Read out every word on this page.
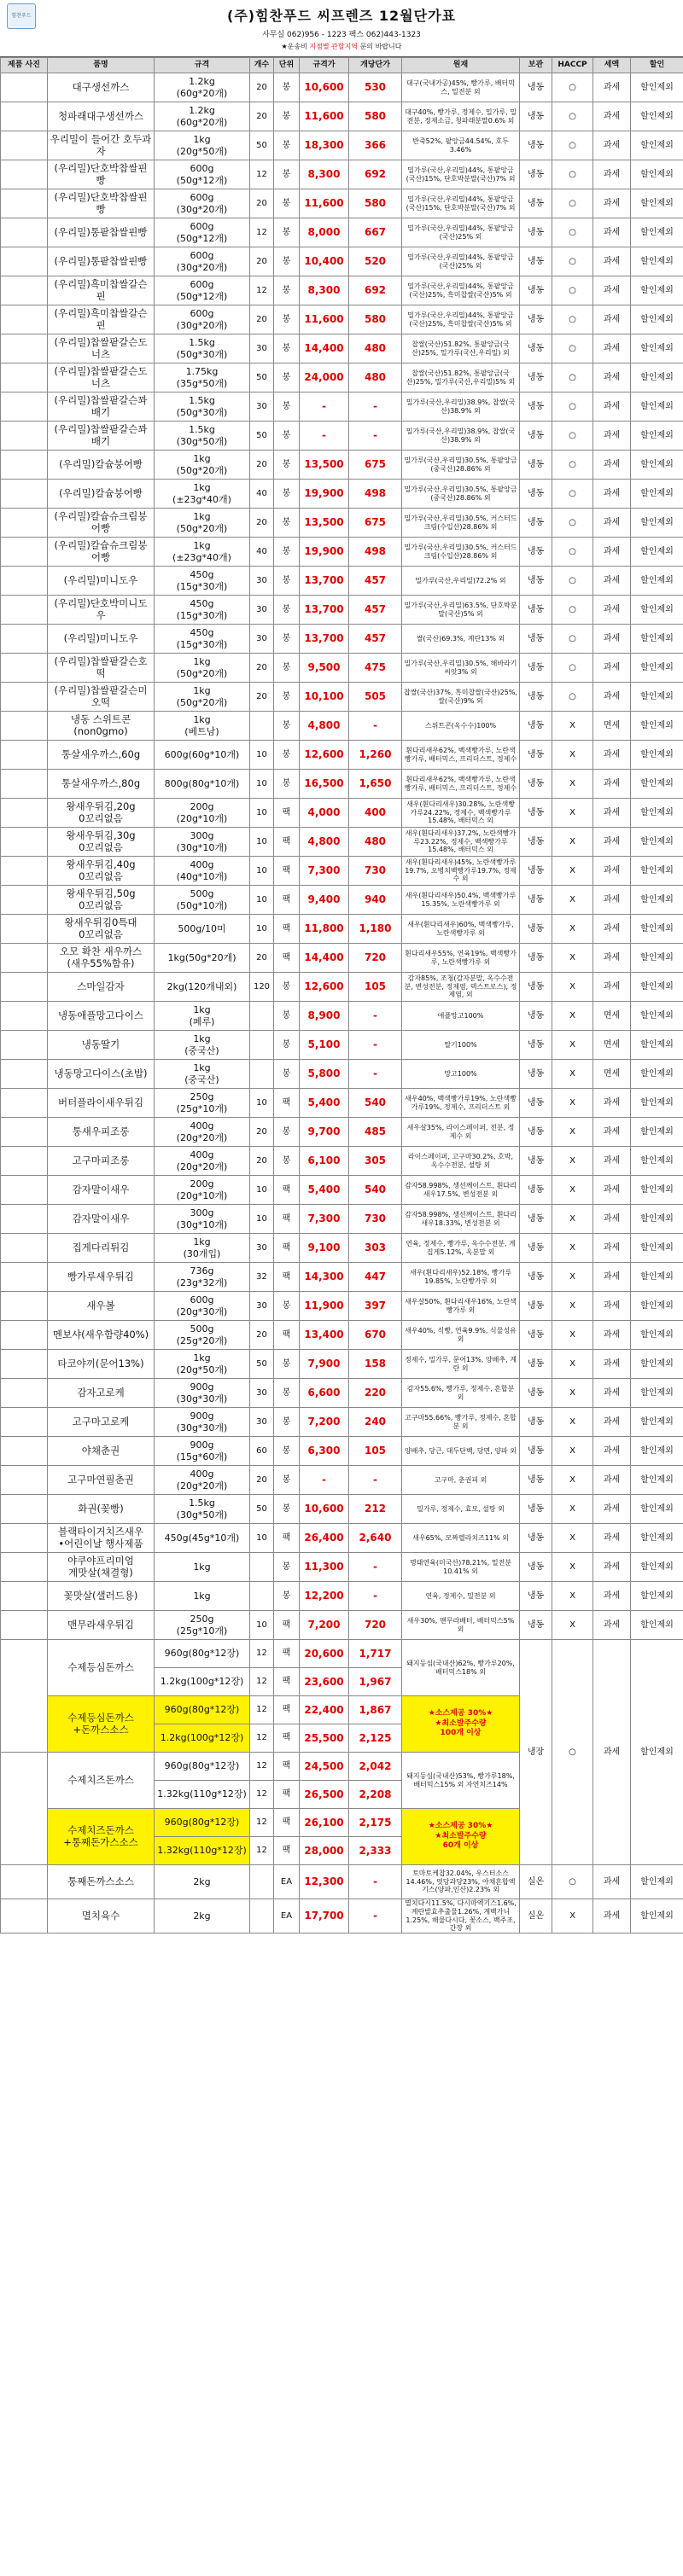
힘찬푸드	(주)힘찬푸드 씨프렌즈 12월단가표
사무실 062)956 - 1223 팩스 062)443-1323
★운송비 지점별 관할지역 문의 바랍니다
제품 사진	품명	규격	개수	단위	규격가	개당단가	원재	보관	HACCP	세액	할인

	대구생선까스	1.2kg
(60g*20개)	20	봉	10,600	530	대구(국내가공)45%, 빵가루, 배터믹스, 밀전분 외	냉동	○	과세	할인제외

	청파래대구생선까스	1.2kg
(60g*20개)	20	봉	11,600	580	대구40%, 빵가루, 정제수, 밀가루, 밀전분, 정제소금, 청파래분말0.6% 외	냉동	○	과세	할인제외

	우리밀이 들어간 호두과자	1kg
(20g*50개)	50	봉	18,300	366	반죽52%, 팥앙금44.54%, 호두3.46%	냉동	○	과세	할인제외

	(우리밀)단호박찹쌀핀빵	600g
(50g*12개)	12	봉	8,300	692	밀가루(국산,우리밀)44%, 통팥앙금(국산)15%, 단호박분말(국산)7% 외	냉동	○	과세	할인제외

	(우리밀)단호박찹쌀핀빵	600g
(30g*20개)	20	봉	11,600	580	밀가루(국산,우리밀)44%, 통팥앙금(국산)15%, 단호박분말(국산)7% 외	냉동	○	과세	할인제외

	(우리밀)통팥찹쌀핀빵	600g
(50g*12개)	12	봉	8,000	667	밀가루(국산,우리밀)44%, 통팥앙금(국산)25% 외	냉동	○	과세	할인제외

	(우리밀)통팥찹쌀핀빵	600g
(30g*20개)	20	봉	10,400	520	밀가루(국산,우리밀)44%, 통팥앙금(국산)25% 외	냉동	○	과세	할인제외

	(우리밀)흑미찹쌀갈슨핀	600g
(50g*12개)	12	봉	8,300	692	밀가루(국산,우리밀)44%, 통팥앙금(국산)25%, 흑미찹쌀(국산)5% 외	냉동	○	과세	할인제외

	(우리밀)흑미찹쌀갈슨핀	600g
(30g*20개)	20	봉	11,600	580	밀가루(국산,우리밀)44%, 통팥앙금(국산)25%, 흑미찹쌀(국산)5% 외	냉동	○	과세	할인제외

	(우리밀)찹쌀팥갈슨도너츠	1.5kg
(50g*30개)	30	봉	14,400	480	찹쌀(국산)51.82%, 통팥앙금(국산)25%, 밀가루(국산,우리밀) 외	냉동	○	과세	할인제외

	(우리밀)찹쌀팥갈슨도너츠	1.75kg
(35g*50개)	50	봉	24,000	480	찹쌀(국산)51.82%, 통팥앙금(국산)25%, 밀가루(국산,우리밀)5% 외	냉동	○	과세	할인제외

	(우리밀)찹쌀팥갈슨꽈배기	1.5kg
(50g*30개)	30	봉	-	-	밀가루(국산,우리밀)38.9%, 찹쌀(국산)38.9% 외	냉동	○	과세	할인제외

	(우리밀)찹쌀팥갈슨꽈배기	1.5kg
(30g*50개)	50	봉	-	-	밀가루(국산,우리밀)38.9%, 찹쌀(국산)38.9% 외	냉동	○	과세	할인제외

	(우리밀)칼슘붕어빵	1kg
(50g*20개)	20	봉	13,500	675	밀가루(국산,우리밀)30.5%, 통팥앙금(중국산)28.86% 외	냉동	○	과세	할인제외

	(우리밀)칼슘붕어빵	1kg
(±23g*40개)	40	봉	19,900	498	밀가루(국산,우리밀)30.5%, 통팥앙금(중국산)28.86% 외	냉동	○	과세	할인제외

	(우리밀)칼슘슈크림붕어빵	1kg
(50g*20개)	20	봉	13,500	675	밀가루(국산,우리밀)30.5%, 커스터드크림(수입산)28.86% 외	냉동	○	과세	할인제외

	(우리밀)칼슘슈크림붕어빵	1kg
(±23g*40개)	40	봉	19,900	498	밀가루(국산,우리밀)30.5%, 커스터드크림(수입산)28.86% 외	냉동	○	과세	할인제외

	(우리밀)미니도우	450g
(15g*30개)	30	봉	13,700	457	밀가루(국산,우리밀)72.2% 외	냉동	○	과세	할인제외

	(우리밀)단호박미니도우	450g
(15g*30개)	30	봉	13,700	457	밀가루(국산,우리밀)63.5%, 단호박분말(국산)5% 외	냉동	○	과세	할인제외

	(우리밀)미니도우	450g
(15g*30개)	30	봉	13,700	457	쌀(국산)69.3%, 계란13% 외	냉동	○	과세	할인제외

	(우리밀)찹쌀팥갈슨호떡	1kg
(50g*20개)	20	봉	9,500	475	밀가루(국산,우리밀)30.5%, 해바라기씨앗3% 외	냉동	○	과세	할인제외

	(우리밀)찹쌀팥갈슨미오떡	1kg
(50g*20개)	20	봉	10,100	505	찹쌀(국산)37%, 흑미찹쌀(국산)25%, 쌀(국산)9% 외	냉동	○	과세	할인제외
	냉동 스위트콘
(non0gmo)	1kg
(베트남)		봉	4,800	-	스위트콘(옥수수)100%	냉동	X	면세	할인제외

	통살새우까스,60g	600g(60g*10개)	10	봉	12,600	1,260	흰다리새우62%, 백색빵가루, 노란색빵가루, 배터믹스, 프리더스트, 정제수	냉동	X	과세	할인제외

	통살새우까스,80g	800g(80g*10개)	10	봉	16,500	1,650	흰다리새우62%, 백색빵가루, 노란색빵가루, 배터믹스, 프리더스트, 정제수	냉동	X	과세	할인제외

	왕새우튀김,20g
0꼬리없음	200g
(20g*10개)	10	팩	4,000	400	새우(흰다리새우)30.28%, 노란색빵가루24.22%, 정제수, 백색빵가루15.48%, 배터믹스 외	냉동	X	과세	할인제외

	왕새우튀김,30g
0꼬리없음	300g
(30g*10개)	10	팩	4,800	480	새우(흰다리새우)37.2%, 노란색빵가루23.22%, 정제수, 백색빵가루15.48%, 배터믹스 외	냉동	X	과세	할인제외

	왕새우튀김,40g
0꼬리없음	400g
(40g*10개)	10	팩	7,300	730	새우(흰다리새우)45%, 노란색빵가루19.7%, 오병치백빵가루19.7%, 정제수 외	냉동	X	과세	할인제외

	왕새우튀김,50g
0꼬리없음	500g
(50g*10개)	10	팩	9,400	940	새우(흰다리새우)50.4%, 백색빵가루15.35%, 노란색빵가루 외	냉동	X	과세	할인제외

	왕새우튀김0특대
0꼬리없음	500g/10미	10	팩	11,800	1,180	새우(흰다리새우)60%, 백색빵가루, 노란색빵가루 외	냉동	X	과세	할인제외

	오모 확찬 새우까스
(새우55%함유)	1kg(50g*20개)	20	팩	14,400	720	흰다리새우55%, 연육19%, 백색빵가루, 노란색빵가루 외	냉동	X	과세	할인제외
	스마일감자	2kg(120개내외)	120	봉	12,600	105	감자85%, 조청(감자분말, 옥수수전분, 변성전분, 정제염, 덱스트로스), 정제염, 외	냉동	X	과세	할인제외
	냉동애플망고다이스	1kg
(페루)		봉	8,900	-	애플망고100%	냉동	X	면세	할인제외
	냉동딸기	1kg
(중국산)		봉	5,100	-	딸기100%	냉동	X	면세	할인제외
	냉동망고다이스(초밥)	1kg
(중국산)		봉	5,800	-	망고100%	냉동	X	면세	할인제외

	버터플라이새우튀김	250g
(25g*10개)	10	팩	5,400	540	새우40%, 백색빵가루19%, 노란색빵가루19%, 정제수, 프리더스트 외	냉동	X	과세	할인제외

	통새우피조롱	400g
(20g*20개)	20	봉	9,700	485	새우살35%, 라이스페이퍼, 전분, 정제수 외	냉동	X	과세	할인제외

	고구마피조롱	400g
(20g*20개)	20	봉	6,100	305	라이스페이퍼, 고구마30.2%, 호박, 옥수수전분, 설탕 외	냉동	X	과세	할인제외

	감자말이새우	200g
(20g*10개)	10	팩	5,400	540	감자58.998%, 생선께이스트, 흰다리새우17.5%, 변성전분 외	냉동	X	과세	할인제외

	감자말이새우	300g
(30g*10개)	10	팩	7,300	730	감자58.998%, 생선께이스트, 흰다리새우18.33%, 변성전분 외	냉동	X	과세	할인제외

	집게다리튀김	1kg
(30개입)	30	팩	9,100	303	연육, 정제수, 빵가루, 옥수수전분, 게집게5.12%, 옥분말 외	냉동	X	과세	할인제외

	빵가루새우튀김	736g
(23g*32개)	32	팩	14,300	447	새우(흰다리새우)52.18%, 빵가루19.85%, 노란빵가루 외	냉동	X	과세	할인제외

	새우볼	600g
(20g*30개)	30	봉	11,900	397	새우살50%, 흰다리새우16%, 노란색빵가루 외	냉동	X	과세	할인제외

	멘보샤(새우함량40%)	500g
(25g*20개)	20	팩	13,400	670	새우40%, 식빵, 연육9.9%, 식물성유 외	냉동	X	과세	할인제외

	타코야끼(문어13%)	1kg
(20g*50개)	50	봉	7,900	158	정제수, 밀가루, 문어13%, 양배추, 계란 외	냉동	X	과세	할인제외

	감자고로케	900g
(30g*30개)	30	봉	6,600	220	감자55.6%, 빵가루, 정제수, 혼합분 외	냉동	X	과세	할인제외

	고구마고로케	900g
(30g*30개)	30	봉	7,200	240	고구마55.66%, 빵가루, 정제수, 혼합분 외	냉동	X	과세	할인제외

	야채춘권	900g
(15g*60개)	60	봉	6,300	105	양배추, 당근, 대두단백, 당면, 양파 외	냉동	X	과세	할인제외

	고구마연필춘권	400g
(20g*20개)	20	봉	-	-	고구마, 춘권피 외	냉동	X	과세	할인제외

	화권(꽃빵)	1.5kg
(30g*50개)	50	봉	10,600	212	밀가루, 정제수, 효모, 설탕 외	냉동	X	과세	할인제외

	블랙타이거치즈새우
•어린이날 행사제품	450g(45g*10개)	10	팩	26,400	2,640	새우65%, 모짜렐라치즈11% 외	냉동	X	과세	할인제외

	야쿠야프리미엄
계맛살(채결형)	1kg		봉	11,300	-	명태연육(미국산)78.21%, 밀전분10.41% 외	냉동	X	과세	할인제외

	꽃맛살(샐러드용)	1kg		봉	12,200	-	연육, 정제수, 밀전분 외	냉동	X	과세	할인제외

	맨무라새우튀김	250g
(25g*10개)	10	팩	7,200	720	새우30%, 맨무라배터, 배터믹스5% 외	냉동	X	과세	할인제외

	수제등심돈까스	960g(80g*12장)	12	팩	20,600	1,717	돼지등심(국내산)62%, 빵가루20%, 배터믹스18% 외	냉장	○	과세	할인제외
		1.2kg(100g*12장)	12	팩	23,600	1,967					
	수제등심돈까스
+돈까스소스	960g(80g*12장)	12	팩	22,400	1,867	★소스제공 30%★
★최소발주수량
100개 이상				

		1.2kg(100g*12장)	12	팩	25,500	2,125					

	수제치즈돈까스	960g(80g*12장)	12	팩	24,500	2,042	돼지등심(국내산)53%, 빵가루18%, 배터믹스15% 외 자연치즈14%				
		1.32kg(110g*12장)	12	팩	26,500	2,208					
	수제치즈돈까스
+통째돈가스소스	960g(80g*12장)	12	팩	26,100	2,175	★소스제공 30%★
★최소발주수량
60개 이상				

		1.32kg(110g*12장)	12	팩	28,000	2,333					
	통째돈까스소스	2kg		EA	12,300	-	토마토케찹32.04%, 우스터소스14.46%, 엿당과당23%, 야채혼합엑기스(양파,인산)2.23% 외	실온	○	과세	할인제외
	멸치육수	2kg		EA	17,700	-	멸치다시11.5%, 다시마엑기스1.6%, 계란발효추출물1.26%, 계백가니1.25%, 해물다시다, 꽃소스, 백주조, 간장 외	실온	X	과세	할인제외
